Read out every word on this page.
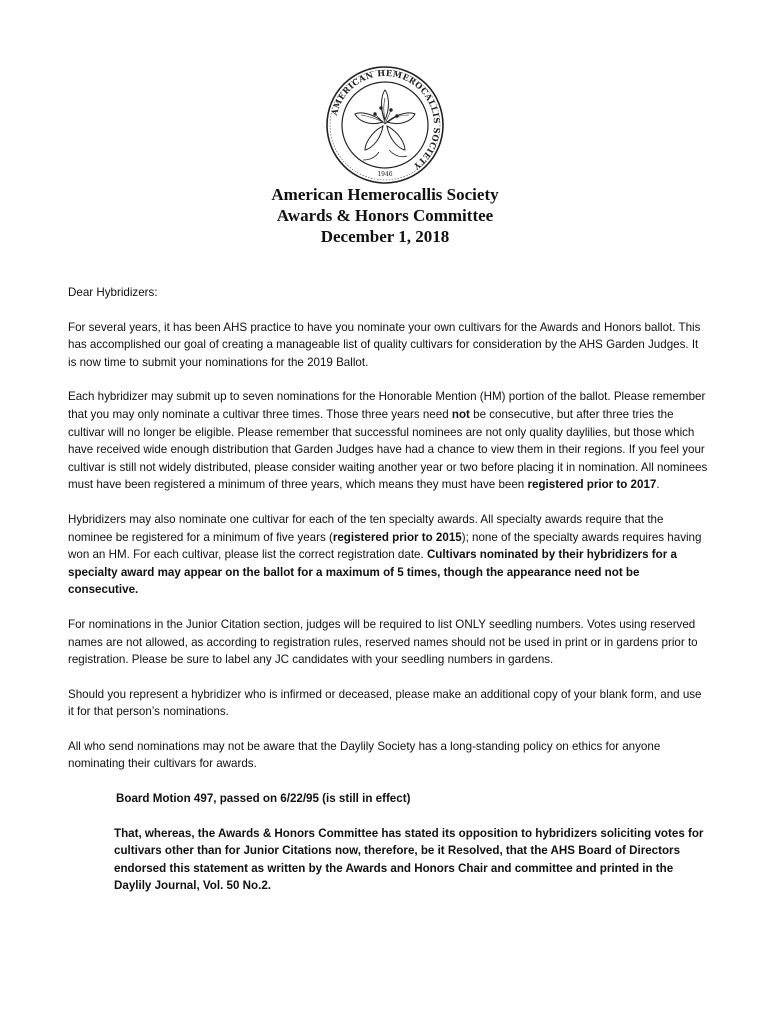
AMERICAN HEMEROCALLIS SOCIETY
1946
American Hemerocallis Society
Awards & Honors Committee
December 1, 2018

Dear Hybridizers:

For several years, it has been AHS practice to have you nominate your own cultivars for the Awards and Honors ballot. This has accomplished our goal of creating a manageable list of quality cultivars for consideration by the AHS Garden Judges. It is now time to submit your nominations for the 2019 Ballot.

Each hybridizer may submit up to seven nominations for the Honorable Mention (HM) portion of the ballot. Please remember that you may only nominate a cultivar three times. Those three years need not be consecutive, but after three tries the cultivar will no longer be eligible. Please remember that successful nominees are not only quality daylilies, but those which have received wide enough distribution that Garden Judges have had a chance to view them in their regions. If you feel your cultivar is still not widely distributed, please consider waiting another year or two before placing it in nomination. All nominees must have been registered a minimum of three years, which means they must have been registered prior to 2017.

Hybridizers may also nominate one cultivar for each of the ten specialty awards. All specialty awards require that the nominee be registered for a minimum of five years (registered prior to 2015); none of the specialty awards requires having won an HM. For each cultivar, please list the correct registration date. Cultivars nominated by their hybridizers for a specialty award may appear on the ballot for a maximum of 5 times, though the appearance need not be consecutive.

For nominations in the Junior Citation section, judges will be required to list ONLY seedling numbers. Votes using reserved names are not allowed, as according to registration rules, reserved names should not be used in print or in gardens prior to registration. Please be sure to label any JC candidates with your seedling numbers in gardens.

Should you represent a hybridizer who is infirmed or deceased, please make an additional copy of your blank form, and use it for that person’s nominations.

All who send nominations may not be aware that the Daylily Society has a long-standing policy on ethics for anyone nominating their cultivars for awards.

Board Motion 497, passed on 6/22/95 (is still in effect)

That, whereas, the Awards & Honors Committee has stated its opposition to hybridizers soliciting votes for cultivars other than for Junior Citations now, therefore, be it Resolved, that the AHS Board of Directors endorsed this statement as written by the Awards and Honors Chair and committee and printed in the Daylily Journal, Vol. 50 No.2.
